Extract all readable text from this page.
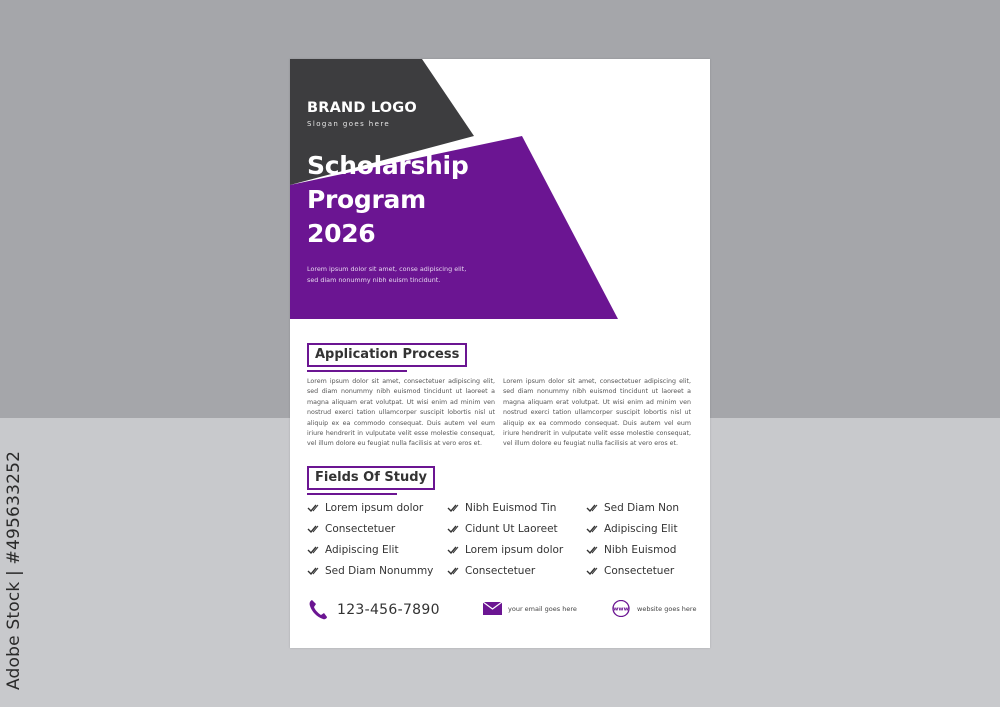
Adobe Stock | #495633252
BRAND LOGO
Slogan goes here
Scholarship
Program
2026
Lorem ipsum dolor sit amet, conse adipiscing elit,
sed diam nonummy nibh euism tincidunt.
Application Process
Lorem ipsum dolor sit amet, consectetuer adipiscing elit, sed diam nonummy nibh euismod tincidunt ut laoreet a magna aliquam erat volutpat. Ut wisi enim ad minim ven nostrud exerci tation ullamcorper suscipit lobortis nisl ut aliquip ex ea commodo consequat. Duis autem vel eum iriure hendrerit in vulputate velit esse molestie consequat, vel illum dolore eu feugiat nulla facilisis at vero eros et.
Lorem ipsum dolor sit amet, consectetuer adipiscing elit, sed diam nonummy nibh euismod tincidunt ut laoreet a magna aliquam erat volutpat. Ut wisi enim ad minim ven nostrud exerci tation ullamcorper suscipit lobortis nisl ut aliquip ex ea commodo consequat. Duis autem vel eum iriure hendrerit in vulputate velit esse molestie consequat, vel illum dolore eu feugiat nulla facilisis at vero eros et.
Fields Of Study
Lorem ipsum dolor	Nibh Euismod Tin	Sed Diam Non
Consectetuer	Cidunt Ut Laoreet	Adipiscing Elit
Adipiscing Elit	Lorem ipsum dolor	Nibh Euismod
Sed Diam Nonummy	Consectetuer	Consectetuer
123-456-7890	your email goes here	www website goes here
